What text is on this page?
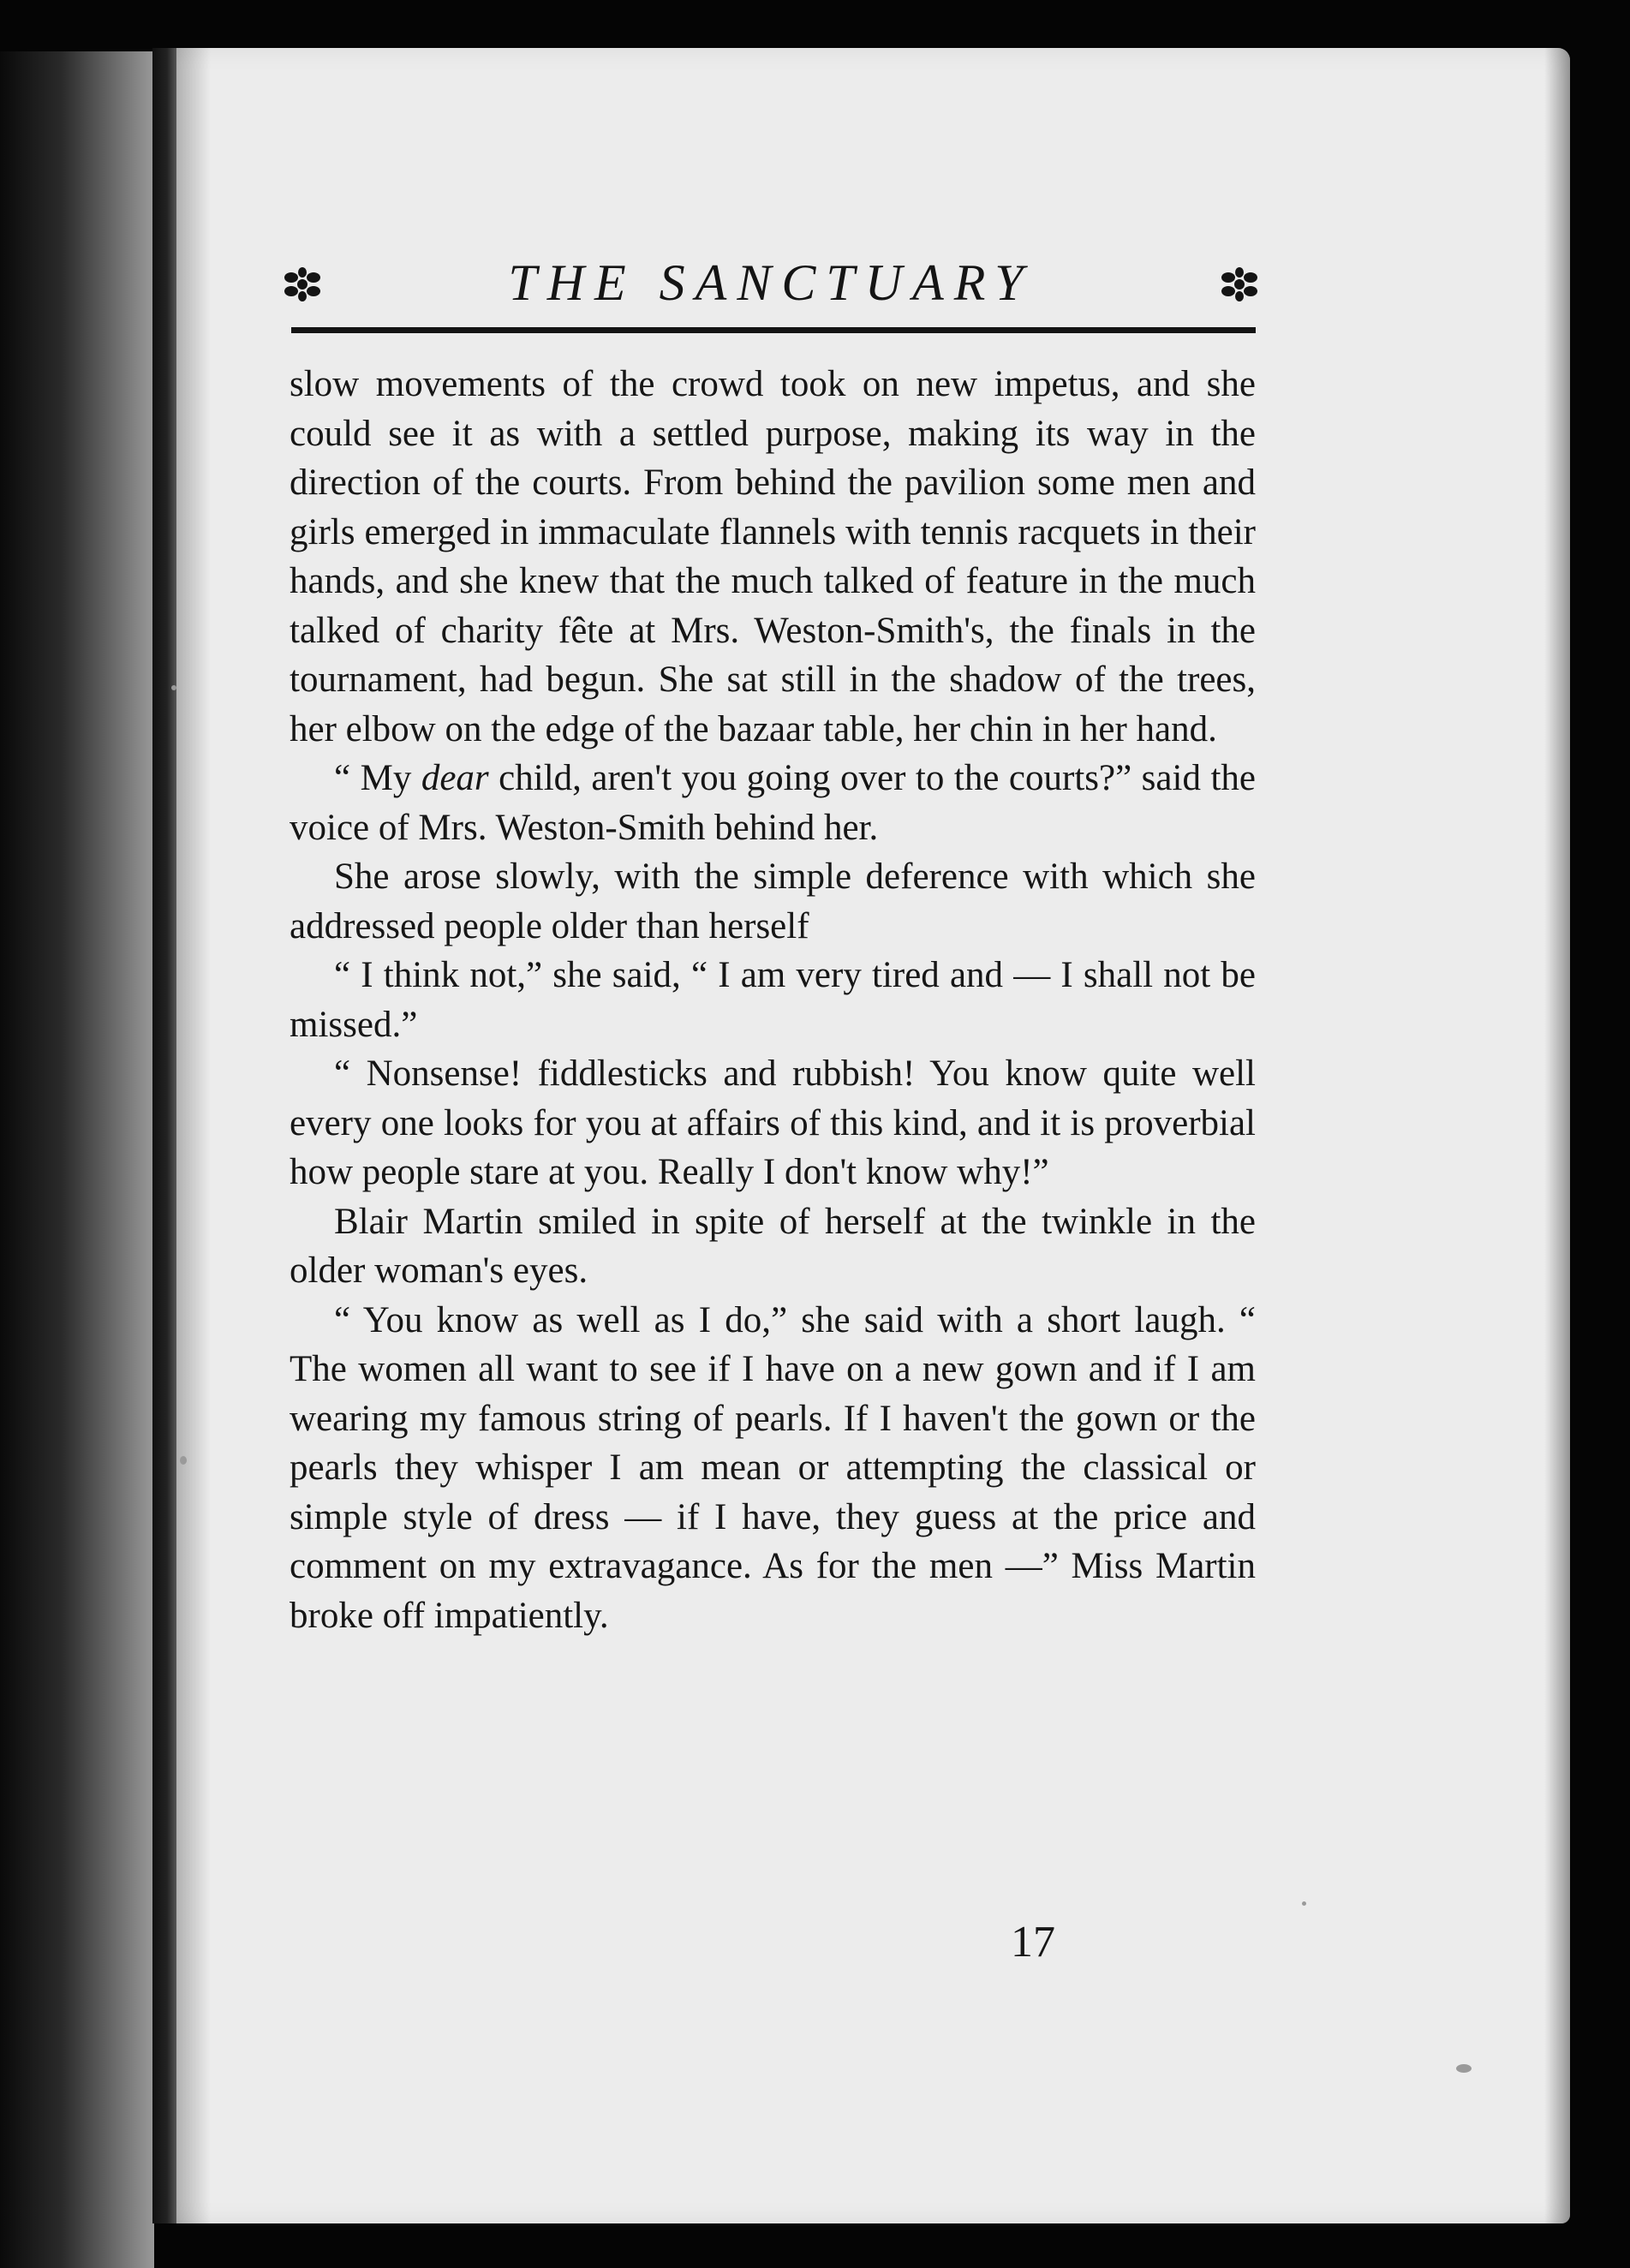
THE SANCTUARY

slow movements of the crowd took on new impetus, and she could see it as with a settled purpose, making its way in the direction of the courts. From behind the pavilion some men and girls emerged in immaculate flannels with tennis racquets in their hands, and she knew that the much talked of feature in the much talked of charity fête at Mrs. Weston-Smith's, the finals in the tournament, had begun. She sat still in the shadow of the trees, her elbow on the edge of the bazaar table, her chin in her hand.

“ My dear child, aren't you going over to the courts?” said the voice of Mrs. Weston-Smith behind her.

She arose slowly, with the simple deference with which she addressed people older than herself

“ I think not,” she said, “ I am very tired and — I shall not be missed.”

“ Nonsense! fiddlesticks and rubbish! You know quite well every one looks for you at affairs of this kind, and it is proverbial how people stare at you. Really I don't know why!”

Blair Martin smiled in spite of herself at the twinkle in the older woman's eyes.

“ You know as well as I do,” she said with a short laugh. “ The women all want to see if I have on a new gown and if I am wearing my famous string of pearls. If I haven't the gown or the pearls they whisper I am mean or attempting the classical or simple style of dress — if I have, they guess at the price and comment on my extravagance. As for the men —” Miss Martin broke off impatiently.

17
